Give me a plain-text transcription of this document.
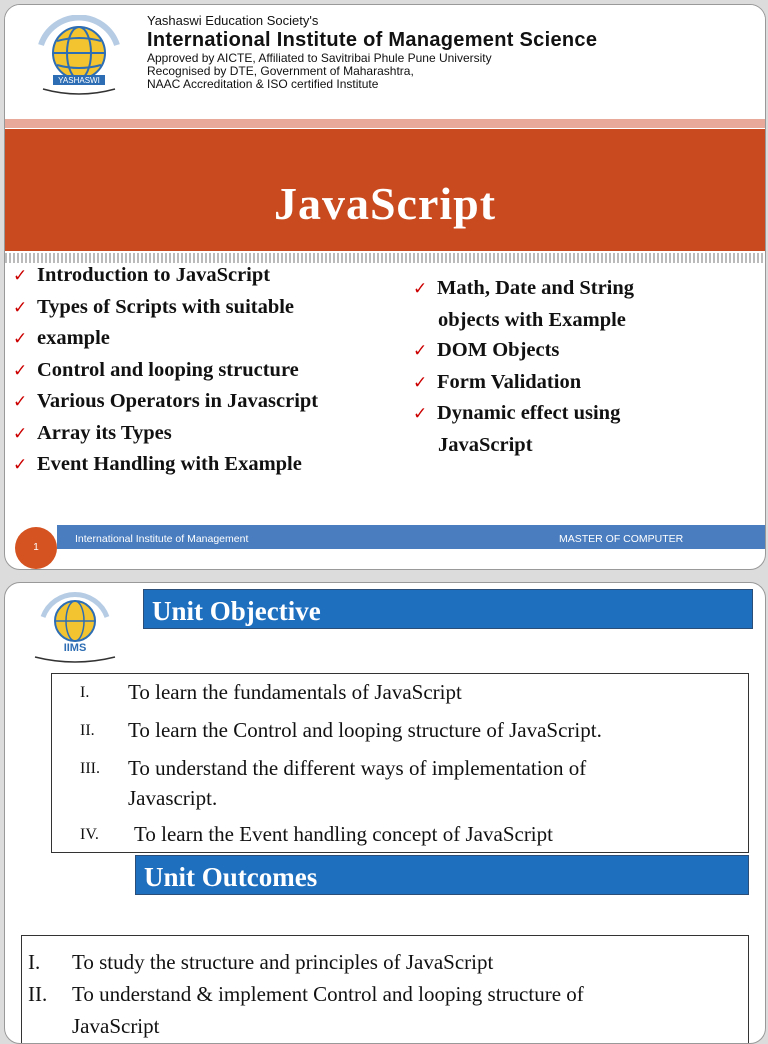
YASHASWI
Yashaswi Education Society's
International Institute of Management Science
Approved by AICTE, Affiliated to Savitribai Phule Pune University
Recognised by DTE, Government of Maharashtra,
NAAC Accreditation & ISO certified Institute
JavaScript
✓ Introduction to JavaScript
✓ Types of Scripts with suitable
✓ example
✓ Control and looping structure
✓ Various Operators in Javascript
✓ Array its Types
✓ Event Handling with Example
✓ Math, Date and String
objects with Example
✓ DOM Objects
✓ Form Validation
✓ Dynamic effect using
JavaScript
International Institute of Management	MASTER OF COMPUTER
1
IIMS
Unit Objective
I. To learn the fundamentals of JavaScript
II. To learn the Control and looping structure of JavaScript.
III. To understand the different ways of implementation of
Javascript.
IV. To learn the Event handling concept of JavaScript
Unit Outcomes
I. To study the structure and principles of JavaScript
II. To understand & implement Control and looping structure of
JavaScript
